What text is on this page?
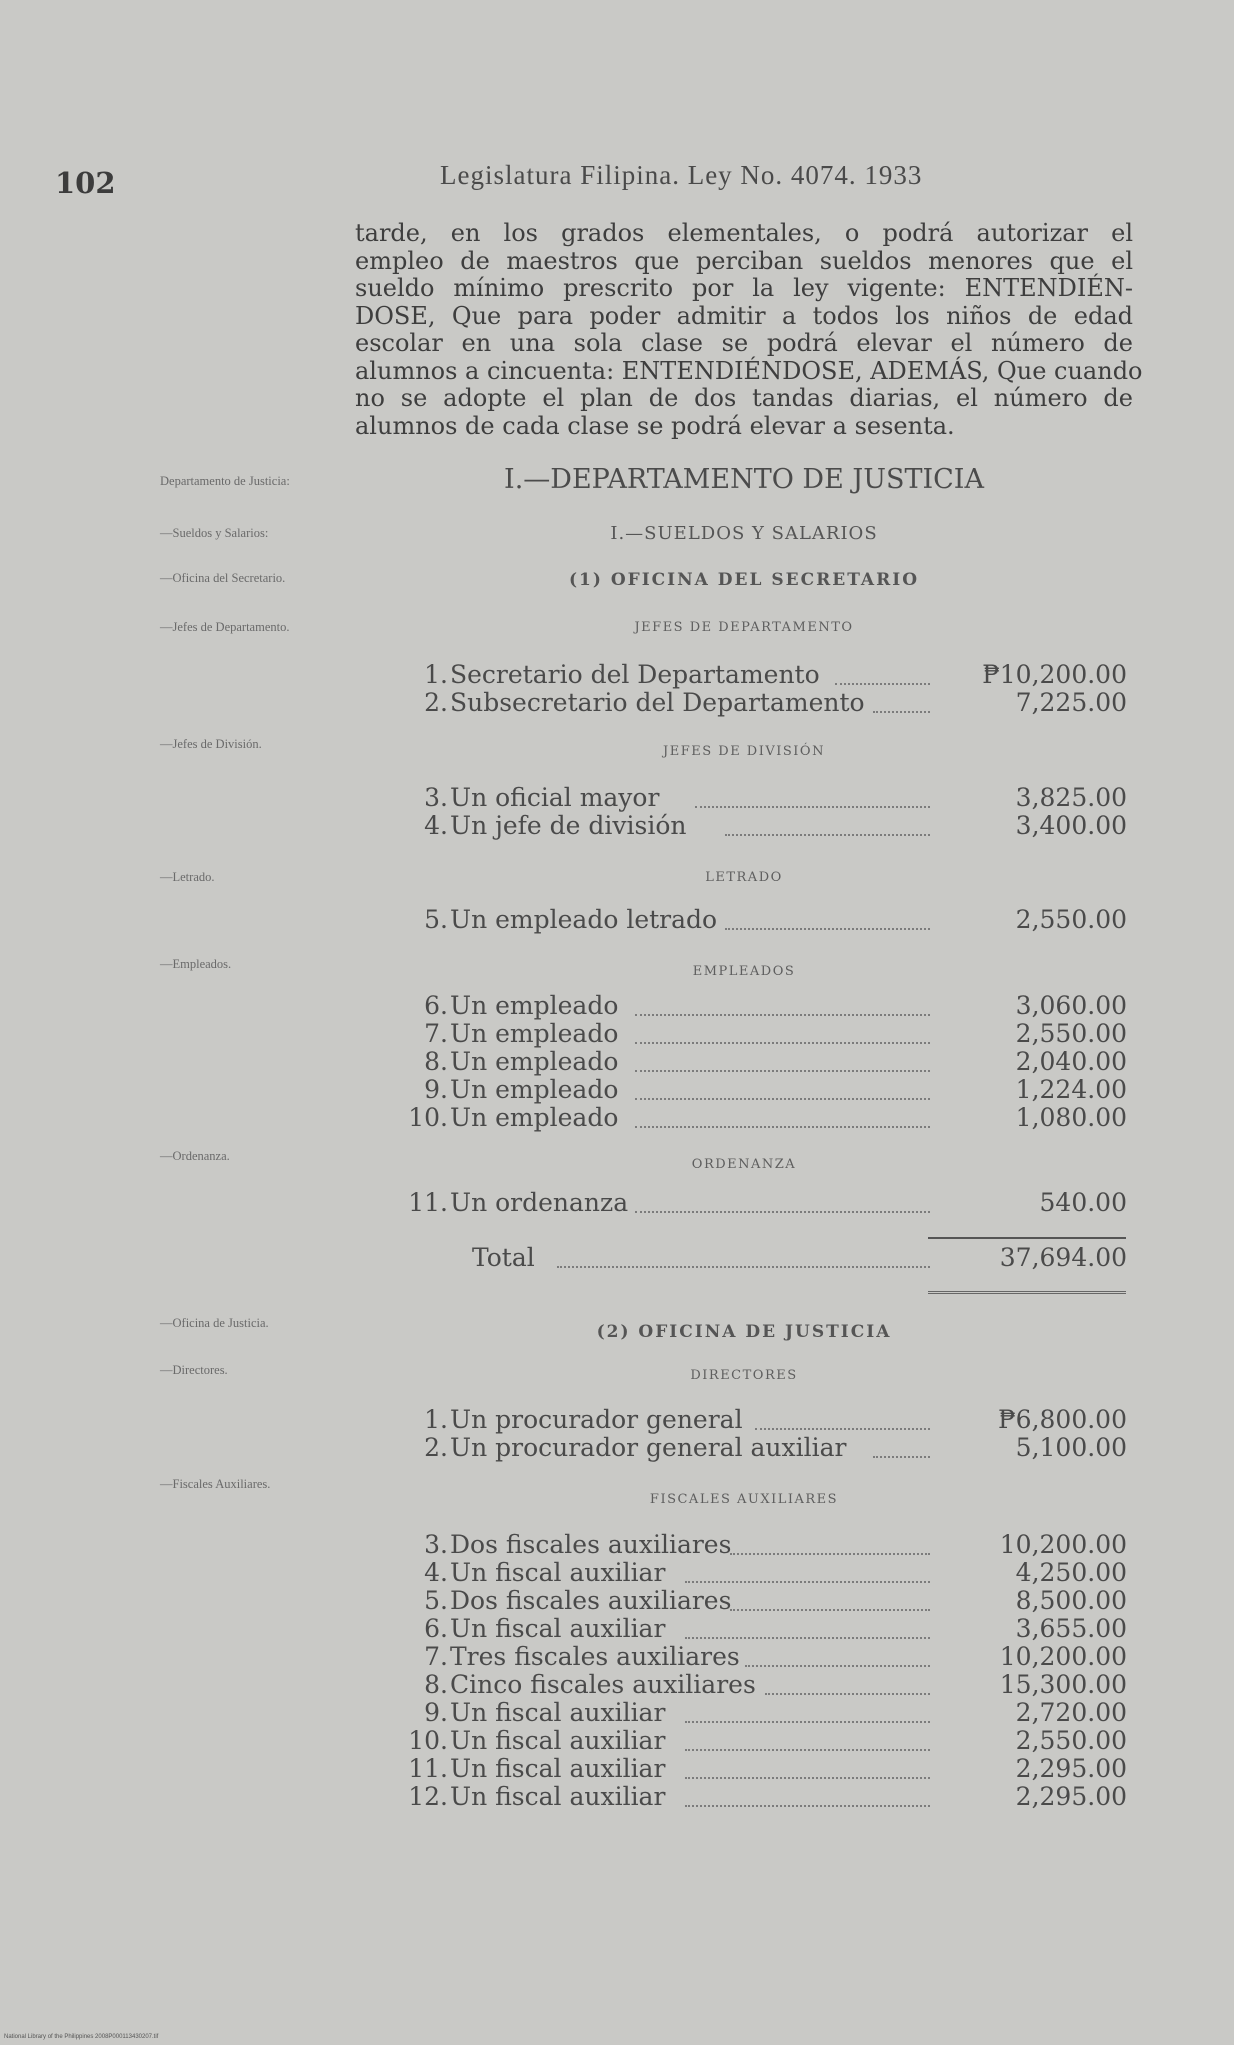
102	Legislatura Filipina. Ley No. 4074. 1933
tarde, en los grados elementales, o podrá autorizar el
empleo de maestros que perciban sueldos menores que el
sueldo mínimo prescrito por la ley vigente: ENTENDIÉN-
DOSE, Que para poder admitir a todos los niños de edad
escolar en una sola clase se podrá elevar el número de
alumnos a cincuenta: ENTENDIÉNDOSE, ADEMÁS, Que cuando
no se adopte el plan de dos tandas diarias, el número de
alumnos de cada clase se podrá elevar a sesenta.
Departamento de Justicia:
—Sueldos y Salarios:
—Oficina del Secretario.
—Jefes de Departamento.
—Jefes de División.
—Letrado.
—Empleados.
—Ordenanza.
—Oficina de Justicia.
—Directores.
—Fiscales Auxiliares.
I.—DEPARTAMENTO DE JUSTICIA
I.—SUELDOS Y SALARIOS
(1) OFICINA DEL SECRETARIO
JEFES DE DEPARTAMENTO
JEFES DE DIVISIÓN
LETRADO
EMPLEADOS
ORDENANZA
1. Secretario del Departamento	₱10,200.00
2. Subsecretario del Departamento	7,225.00
3. Un oficial mayor	3,825.00
4. Un jefe de división	3,400.00
5. Un empleado letrado	2,550.00
6. Un empleado	3,060.00
7. Un empleado	2,550.00
8. Un empleado	2,040.00
9. Un empleado	1,224.00
10. Un empleado	1,080.00
11. Un ordenanza	540.00
Total	37,694.00
(2) OFICINA DE JUSTICIA
DIRECTORES
FISCALES AUXILIARES
1. Un procurador general	₱6,800.00
2. Un procurador general auxiliar	5,100.00
3. Dos fiscales auxiliares	10,200.00
4. Un fiscal auxiliar	4,250.00
5. Dos fiscales auxiliares	8,500.00
6. Un fiscal auxiliar	3,655.00
7. Tres fiscales auxiliares	10,200.00
8. Cinco fiscales auxiliares	15,300.00
9. Un fiscal auxiliar	2,720.00
10. Un fiscal auxiliar	2,550.00
11. Un fiscal auxiliar	2,295.00
12. Un fiscal auxiliar	2,295.00
National Library of the Philippines 2008P000113430207.tif
